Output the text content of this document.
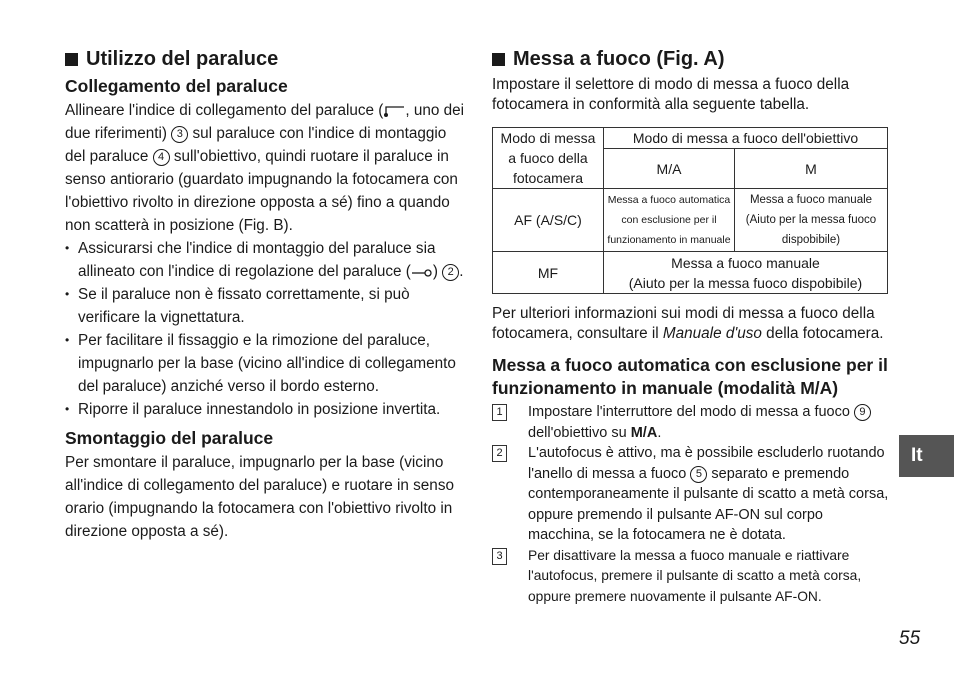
Utilizzo del paraluce
Collegamento del paraluce

Allineare l'indice di collegamento del paraluce ( , uno dei due riferimenti) 3 sul paraluce con l'indice di montaggio del paraluce 4 sull'obiettivo, quindi ruotare il paraluce in senso antiorario (guardato impugnando la fotocamera con l'obiettivo rivolto in direzione opposta a sé) fino a quando non scatterà in posizione (Fig. B).

• Assicurarsi che l'indice di montaggio del paraluce sia allineato con l'indice di regolazione del paraluce ( ) 2 .
• Se il paraluce non è fissato correttamente, si può verificare la vignettatura.
• Per facilitare il fissaggio e la rimozione del paraluce, impugnarlo per la base (vicino all'indice di collegamento del paraluce) anziché verso il bordo esterno.
• Riporre il paraluce innestandolo in posizione invertita.
Smontaggio del paraluce

Per smontare il paraluce, impugnarlo per la base (vicino all'indice di collegamento del paraluce) e ruotare in senso orario (impugnando la fotocamera con l'obiettivo rivolto in direzione opposta a sé).

Messa a fuoco (Fig. A)

Impostare il selettore di modo di messa a fuoco della fotocamera in conformità alla seguente tabella.

Modo di messa a fuoco della fotocamera	Modo di messa a fuoco dell'obiettivo	
	M/A	M
AF (A/S/C)	Messa a fuoco automatica con esclusione per il funzionamento in manuale	Messa a fuoco manuale (Aiuto per la messa fuoco dispobibile)
MF	Messa a fuoco manuale
(Aiuto per la messa fuoco dispobibile)	

Per ulteriori informazioni sui modi di messa a fuoco della fotocamera, consultare il Manuale d'uso della fotocamera.

Messa a fuoco automatica con esclusione per il funzionamento in manuale (modalità M/A)
1	Impostare l'interruttore del modo di messa a fuoco 9 dell'obiettivo su M/A.
2	L'autofocus è attivo, ma è possibile escluderlo ruotando l'anello di messa a fuoco 5 separato e premendo contemporaneamente il pulsante di scatto a metà corsa, oppure premendo il pulsante AF-ON sul corpo macchina, se la fotocamera ne è dotata.
3	Per disattivare la messa a fuoco manuale e riattivare l'autofocus, premere il pulsante di scatto a metà corsa, oppure premere nuovamente il pulsante AF-ON.
It
55
